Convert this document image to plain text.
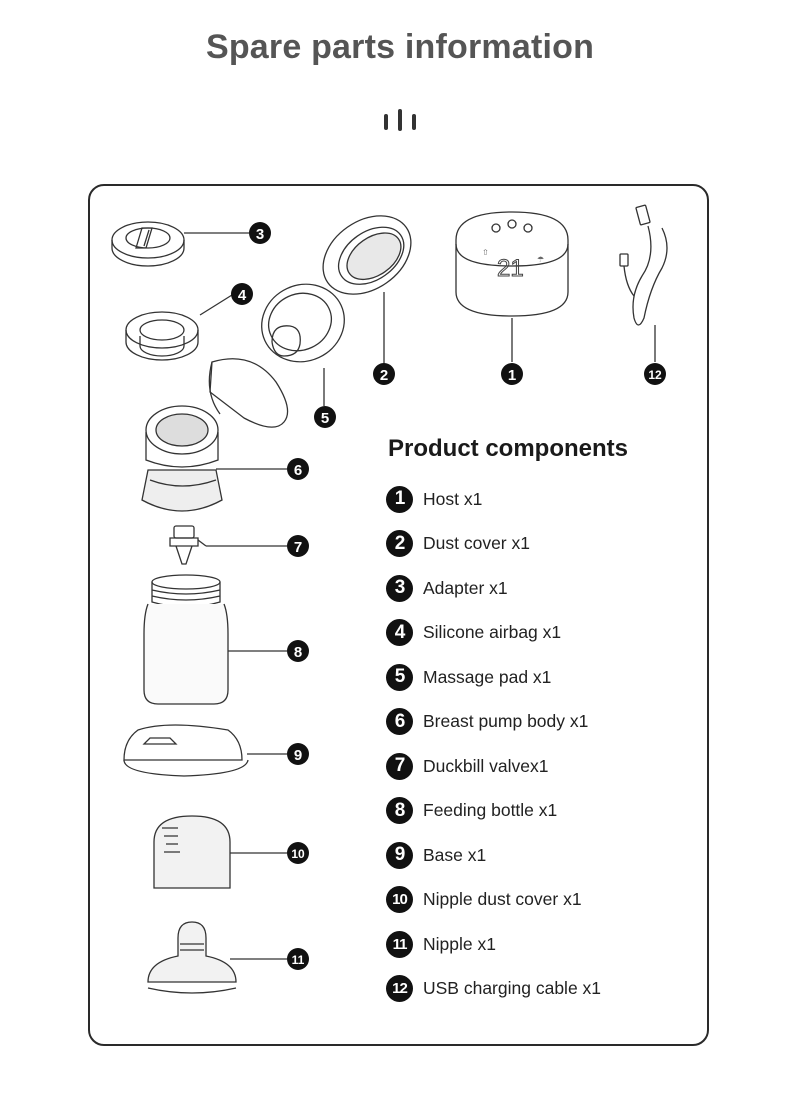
Spare parts information
21
⇧
☂
3
4
2	1	12
5
6
7
8
9
10
11
Product components
1	Host x1
2	Dust cover x1
3	Adapter x1
4	Silicone airbag x1
5	Massage pad x1
6	Breast pump body x1
7	Duckbill valvex1
8	Feeding bottle x1
9	Base x1
10 Nipple dust cover x1
11 Nipple x1
12 USB charging cable x1
